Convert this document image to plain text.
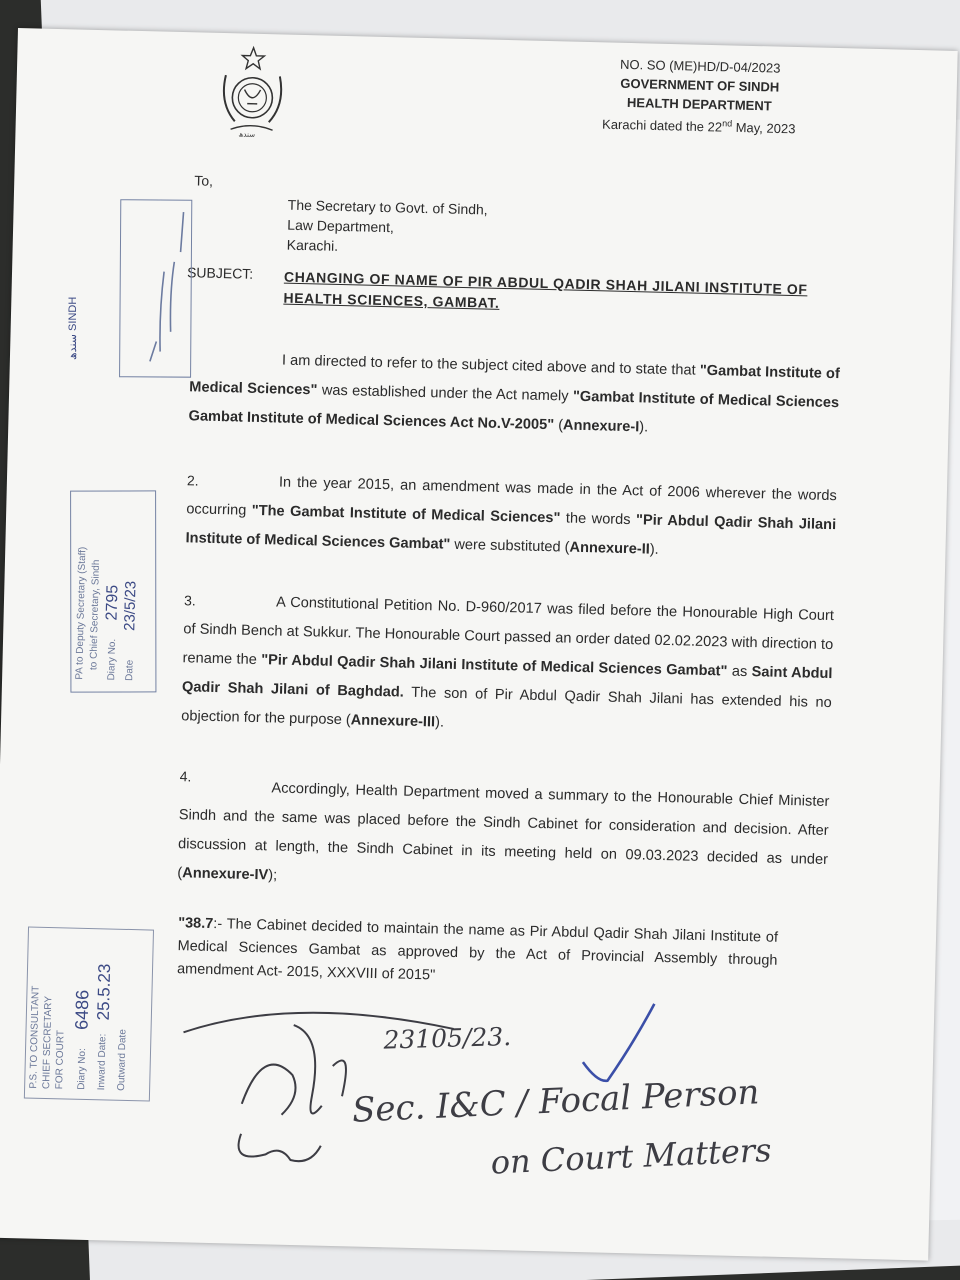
سندھ
NO. SO (ME)HD/D-04/2023
GOVERNMENT OF SINDH
HEALTH DEPARTMENT
Karachi dated the 22nd May, 2023
To,
The Secretary to Govt. of Sindh,
Law Department,
Karachi.
SUBJECT: CHANGING OF NAME OF PIR ABDUL QADIR SHAH JILANI INSTITUTE OF HEALTH SCIENCES, GAMBAT.
I am directed to refer to the subject cited above and to state that "Gambat Institute of Medical Sciences" was established under the Act namely "Gambat Institute of Medical Sciences Gambat Institute of Medical Sciences Act No.V-2005" (Annexure-I).
2.	In the year 2015, an amendment was made in the Act of 2006 wherever the words occurring "The Gambat Institute of Medical Sciences" the words "Pir Abdul Qadir Shah Jilani Institute of Medical Sciences Gambat" were substituted (Annexure-II).
3.	A Constitutional Petition No. D-960/2017 was filed before the Honourable High Court of Sindh Bench at Sukkur. The Honourable Court passed an order dated 02.02.2023 with direction to rename the "Pir Abdul Qadir Shah Jilani Institute of Medical Sciences Gambat" as Saint Abdul Qadir Shah Jilani of Baghdad. The son of Pir Abdul Qadir Shah Jilani has extended his no objection for the purpose (Annexure-III).
4.
Accordingly, Health Department moved a summary to the Honourable Chief Minister Sindh and the same was placed before the Sindh Cabinet for consideration and decision. After discussion at length, the Sindh Cabinet in its meeting held on 09.03.2023 decided as under (Annexure-IV);
"38.7:- The Cabinet decided to maintain the name as Pir Abdul Qadir Shah Jilani Institute of Medical Sciences Gambat as approved by the Act of Provincial Assembly through amendment Act- 2015, XXXVIII of 2015"
PA to Deputy Secretary (Staff) to Chief Secretary, Sindh Diary No.
2795
Date
23/5/23
P.S. TO CONSULTANT CHIEF SECRETARY FOR COURT Diary No:
6486
Inward Date:
25.5.23
Outward Date	23105/23.
Sec. I&C / Focal Person
on Court Matters
سندھ SINDH
